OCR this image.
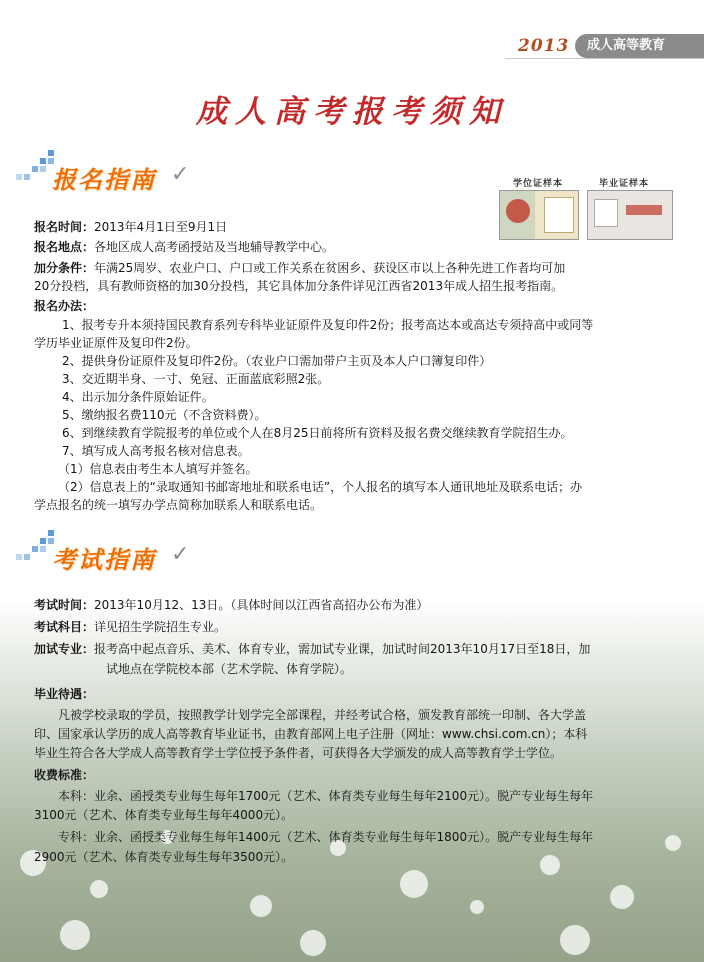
2013	成人高等教育
成人高考报考须知
报名指南 ✓	学位证样本	毕业证样本
报名时间：2013年4月1日至9月1日
报名地点：各地区成人高考函授站及当地辅导教学中心。
加分条件：年满25周岁、农业户口、户口或工作关系在贫困乡、获设区市以上各种先进工作者均可加
20分投档，具有教师资格的加30分投档，其它具体加分条件详见江西省2013年成人招生报考指南。
报名办法：
1、报考专升本须持国民教育系列专科毕业证原件及复印件2份；报考高达本或高达专须持高中或同等
学历毕业证原件及复印件2份。
2、提供身份证原件及复印件2份。（农业户口需加带户主页及本人户口簿复印件）
3、交近期半身、一寸、免冠、正面蓝底彩照2张。
4、出示加分条件原始证件。
5、缴纳报名费110元（不含资料费）。
6、到继续教育学院报考的单位或个人在8月25日前将所有资料及报名费交继续教育学院招生办。
7、填写成人高考报名核对信息表。
（1）信息表由考生本人填写并签名。
（2）信息表上的“录取通知书邮寄地址和联系电话”，个人报名的填写本人通讯地址及联系电话；办
学点报名的统一填写办学点简称加联系人和联系电话。
考试指南 ✓
考试时间：2013年10月12、13日。（具体时间以江西省高招办公布为准）
考试科目：详见招生学院招生专业。
加试专业：报考高中起点音乐、美术、体育专业，需加试专业课，加试时间2013年10月17日至18日，加
试地点在学院校本部（艺术学院、体育学院）。
毕业待遇：
凡被学校录取的学员，按照教学计划学完全部课程，并经考试合格，颁发教育部统一印制、各大学盖
印、国家承认学历的成人高等教育毕业证书，由教育部网上电子注册（网址：www.chsi.com.cn）；本科
毕业生符合各大学成人高等教育学士学位授予条件者，可获得各大学颁发的成人高等教育学士学位。
收费标准：
本科：业余、函授类专业每生每年1700元（艺术、体育类专业每生每年2100元）。脱产专业每生每年
3100元（艺术、体育类专业每生每年4000元）。
专科：业余、函授类专业每生每年1400元（艺术、体育类专业每生每年1800元）。脱产专业每生每年
2900元（艺术、体育类专业每生每年3500元）。
